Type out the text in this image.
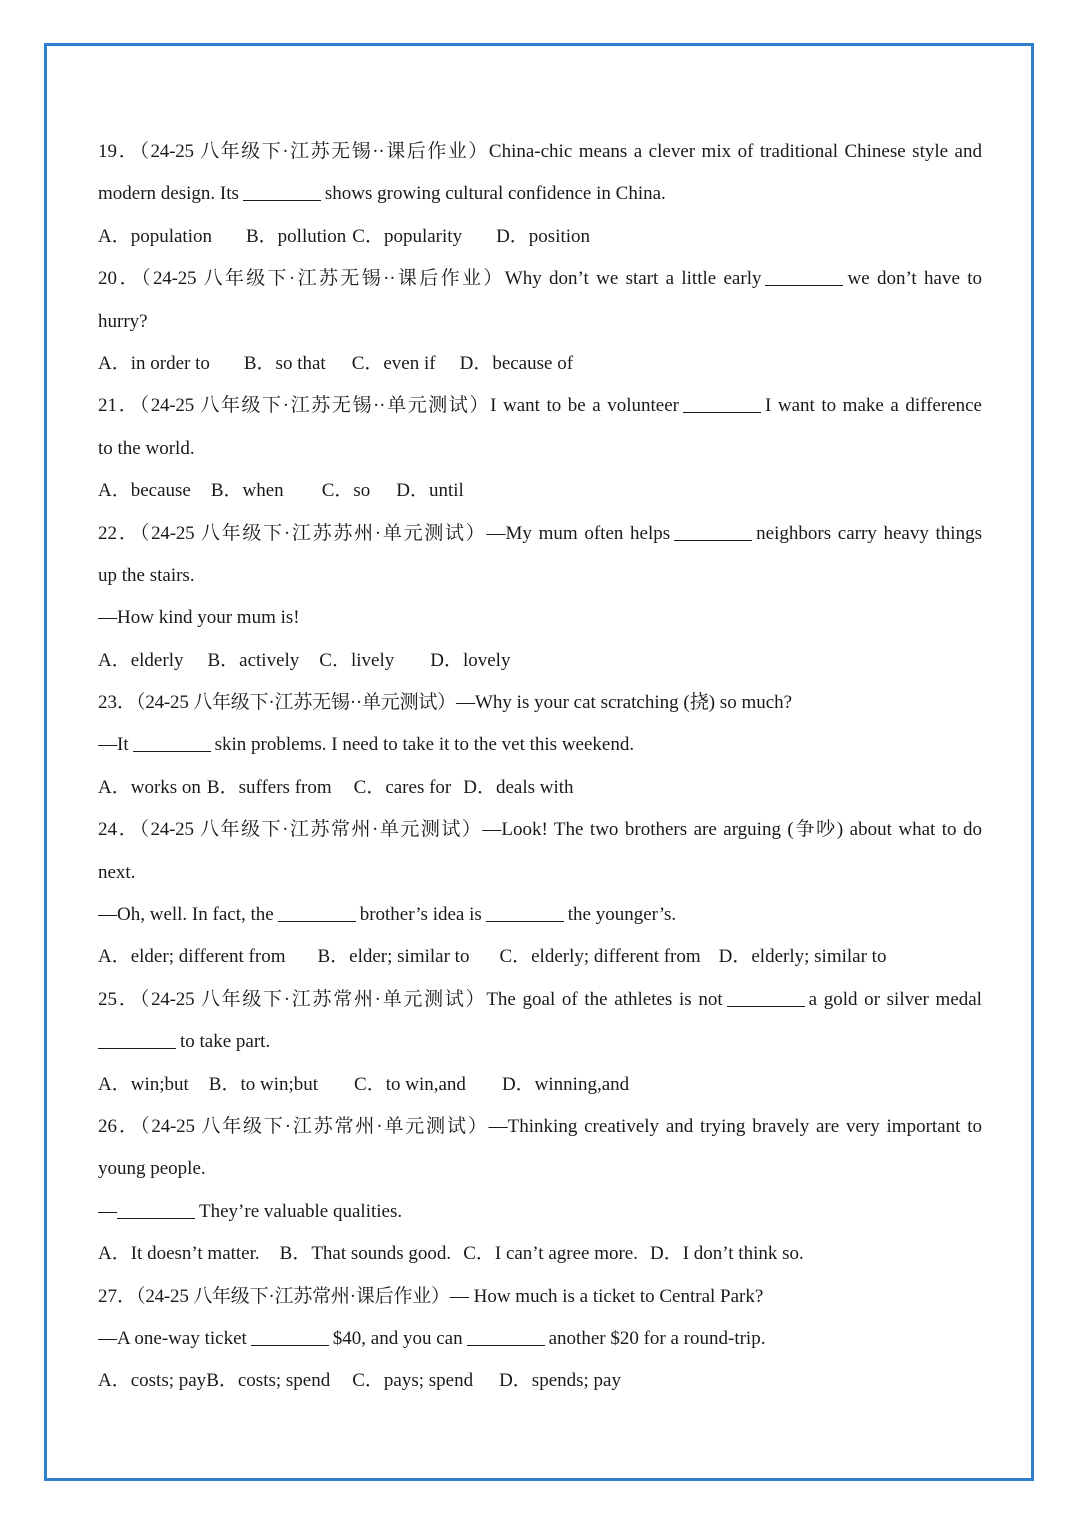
19．（24-25 八年级下·江苏无锡··课后作业）China-chic means a clever mix of traditional Chinese style and
modern design. Its	shows growing cultural confidence in China.
A．population B．pollution C．popularity D．position
20．（24-25 八年级下·江苏无锡··课后作业）Why don’t we start a little early	we don’t have to
hurry?
A．in order to B．so that C．even if D．because of
21．（24-25 八年级下·江苏无锡··单元测试）I want to be a volunteer	I want to make a difference
to the world.
A．because B．when C．so D．until
22．（24-25 八年级下·江苏苏州·单元测试）—My mum often helps	neighbors carry heavy things
up the stairs.
—How kind your mum is!
A．elderly B．actively C．lively D．lovely
23．（24-25 八年级下·江苏无锡··单元测试）—Why is your cat scratching (挠) so much?
—It	skin problems. I need to take it to the vet this weekend.
A．works on B．suffers from C．cares for D．deals with
24．（24-25 八年级下·江苏常州·单元测试）—Look! The two brothers are arguing (争吵) about what to do
next.
—Oh, well. In fact, the	brother’s idea is	the younger’s.
A．elder; different from B．elder; similar to C．elderly; different from D．elderly; similar to
25．（24-25 八年级下·江苏常州·单元测试）The goal of the athletes is not	a gold or silver medal
to take part.
A．win;but B．to win;but C．to win,and D．winning,and
26．（24-25 八年级下·江苏常州·单元测试）—Thinking creatively and trying bravely are very important to
young people.
—	They’re valuable qualities.
A．It doesn’t matter. B．That sounds good. C．I can’t agree more. D．I don’t think so.
27．（24-25 八年级下·江苏常州·课后作业）— How much is a ticket to Central Park?
—A one-way ticket	$40, and you can	another $20 for a round-trip.
A．costs; payB．costs; spend C．pays; spend D．spends; pay
